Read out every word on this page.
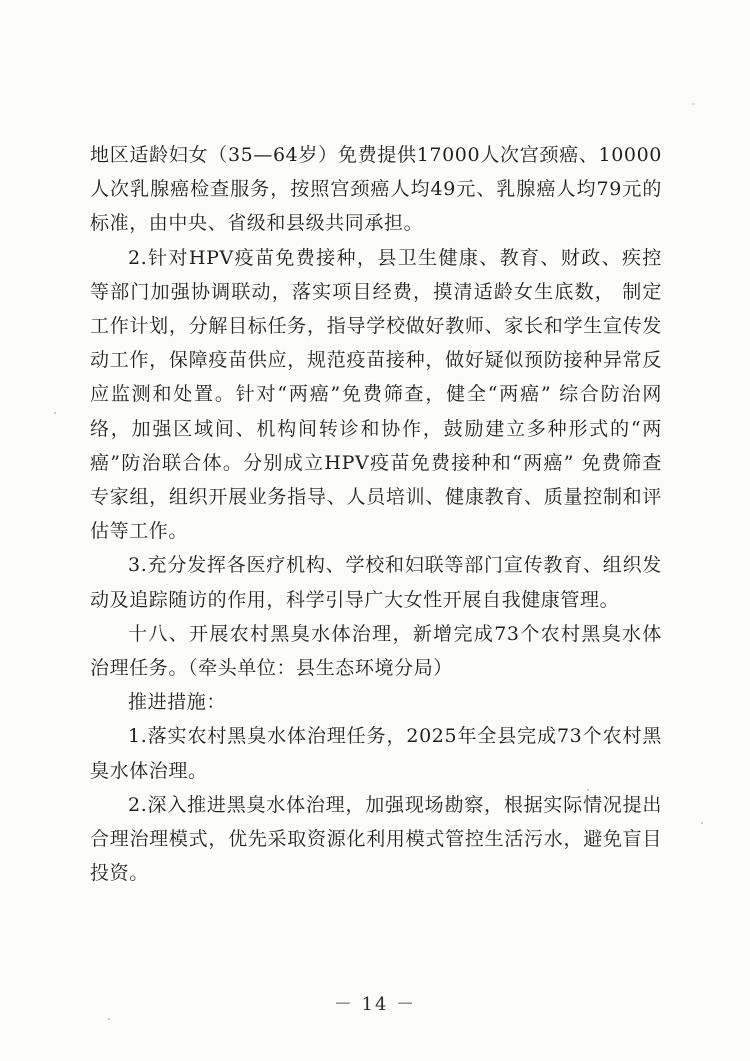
地区适龄妇女（35—64岁）免费提供17000人次宫颈癌、10000人次乳腺癌检查服务，按照宫颈癌人均49元、乳腺癌人均79元的标准，由中央、省级和县级共同承担。

2.针对HPV疫苗免费接种，县卫生健康、教育、财政、疾控等部门加强协调联动，落实项目经费，摸清适龄女生底数， 制定工作计划，分解目标任务，指导学校做好教师、家长和学生宣传发动工作，保障疫苗供应，规范疫苗接种，做好疑似预防接种异常反应监测和处置。针对“两癌”免费筛查，健全“两癌” 综合防治网络，加强区域间、机构间转诊和协作，鼓励建立多种形式的“两癌”防治联合体。分别成立HPV疫苗免费接种和“两癌” 免费筛查专家组，组织开展业务指导、人员培训、健康教育、质量控制和评估等工作。

3.充分发挥各医疗机构、学校和妇联等部门宣传教育、组织发动及追踪随访的作用，科学引导广大女性开展自我健康管理。

十八、开展农村黑臭水体治理，新增完成73个农村黑臭水体治理任务。（牵头单位：县生态环境分局）

推进措施：

1.落实农村黑臭水体治理任务，2025年全县完成73个农村黑臭水体治理。

2.深入推进黑臭水体治理，加强现场勘察，根据实际情况提出合理治理模式，优先采取资源化利用模式管控生活污水，避免盲目投资。

－ 14 －
